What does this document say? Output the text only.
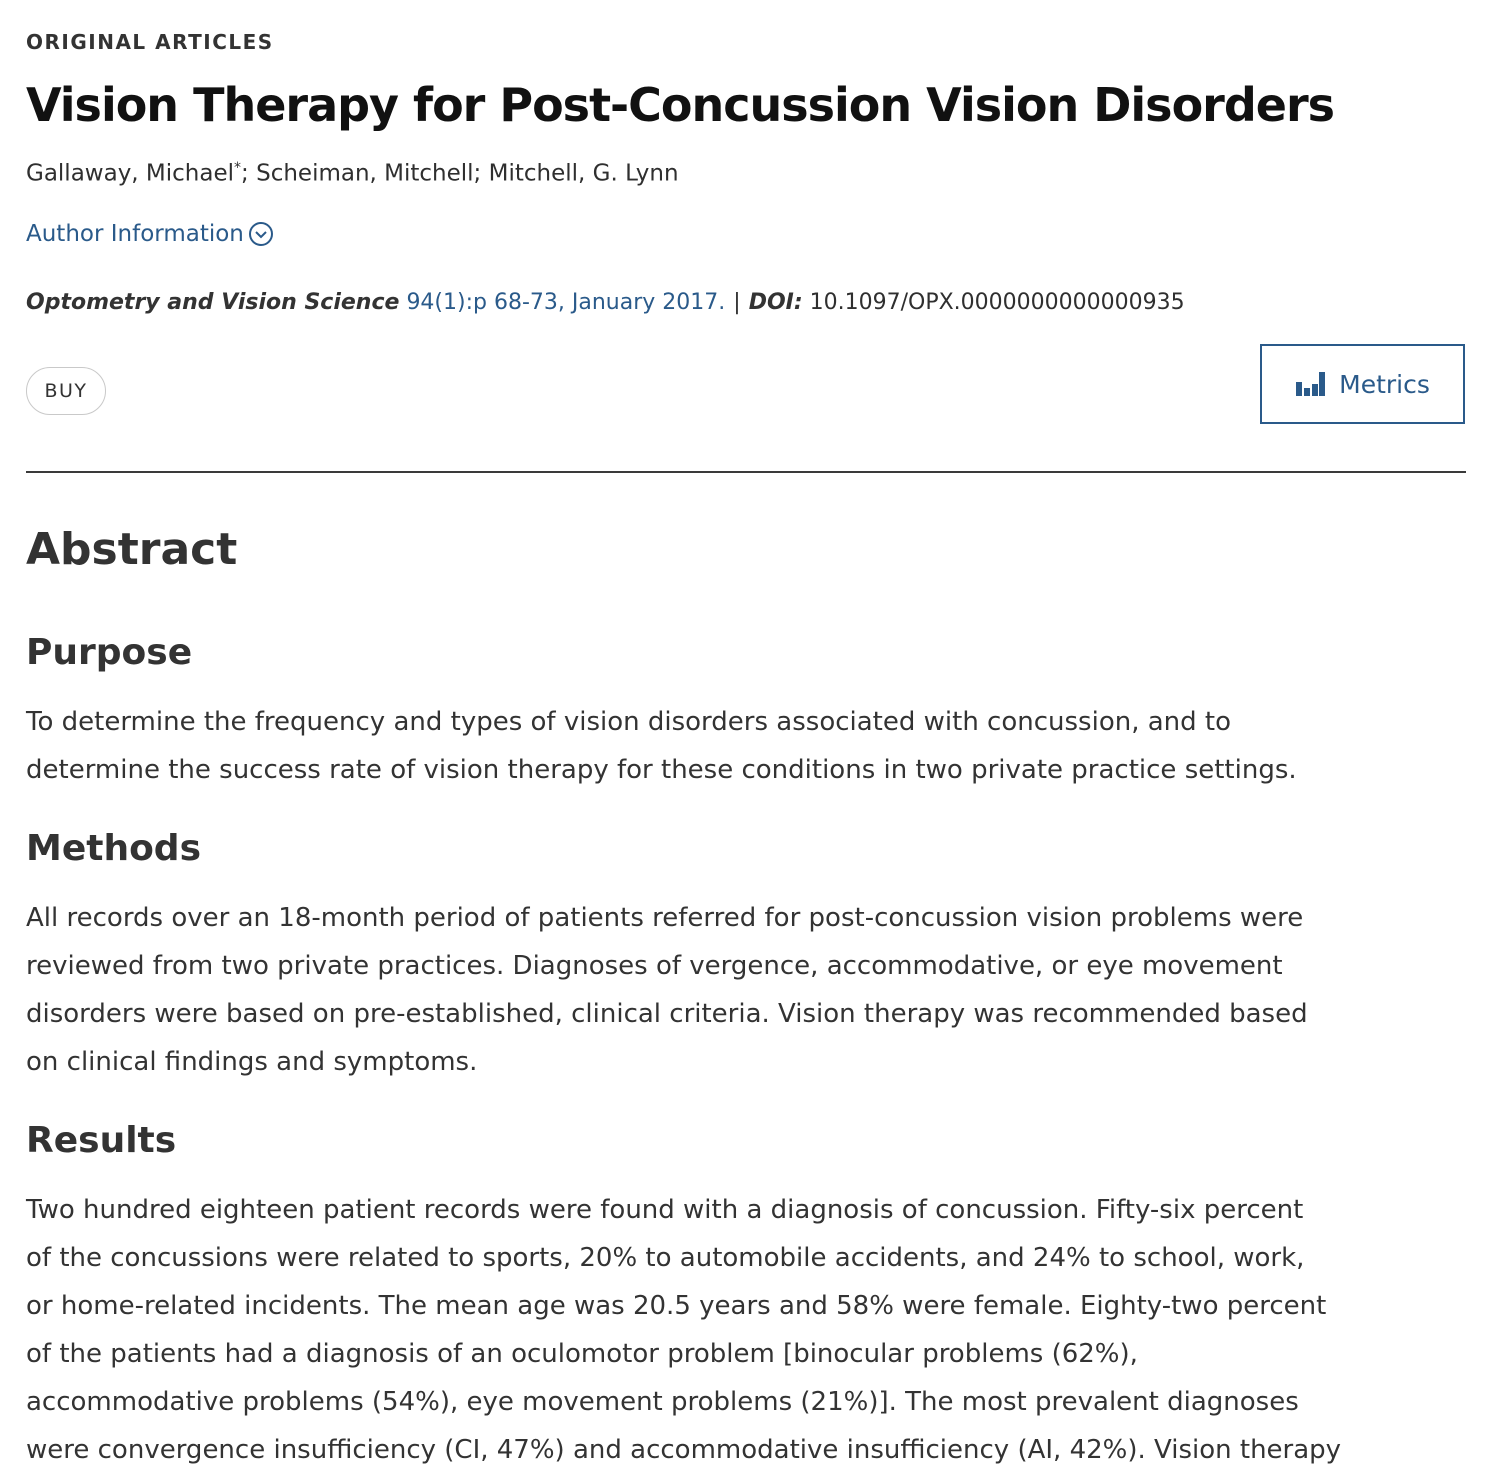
ORIGINAL ARTICLES
Vision Therapy for Post-Concussion Vision Disorders
Gallaway, Michael*; Scheiman, Mitchell; Mitchell, G. Lynn
Author Information
Optometry and Vision Science 94(1):p 68-73, January 2017. | DOI: 10.1097/OPX.0000000000000935
BUY	Metrics
Abstract
Purpose

To determine the frequency and types of vision disorders associated with concussion, and to
determine the success rate of vision therapy for these conditions in two private practice settings.

Methods

All records over an 18-month period of patients referred for post-concussion vision problems were
reviewed from two private practices. Diagnoses of vergence, accommodative, or eye movement
disorders were based on pre-established, clinical criteria. Vision therapy was recommended based
on clinical findings and symptoms.

Results

Two hundred eighteen patient records were found with a diagnosis of concussion. Fifty-six percent
of the concussions were related to sports, 20% to automobile accidents, and 24% to school, work,
or home-related incidents. The mean age was 20.5 years and 58% were female. Eighty-two percent
of the patients had a diagnosis of an oculomotor problem [binocular problems (62%),
accommodative problems (54%), eye movement problems (21%)]. The most prevalent diagnoses
were convergence insufficiency (CI, 47%) and accommodative insufficiency (AI, 42%). Vision therapy
